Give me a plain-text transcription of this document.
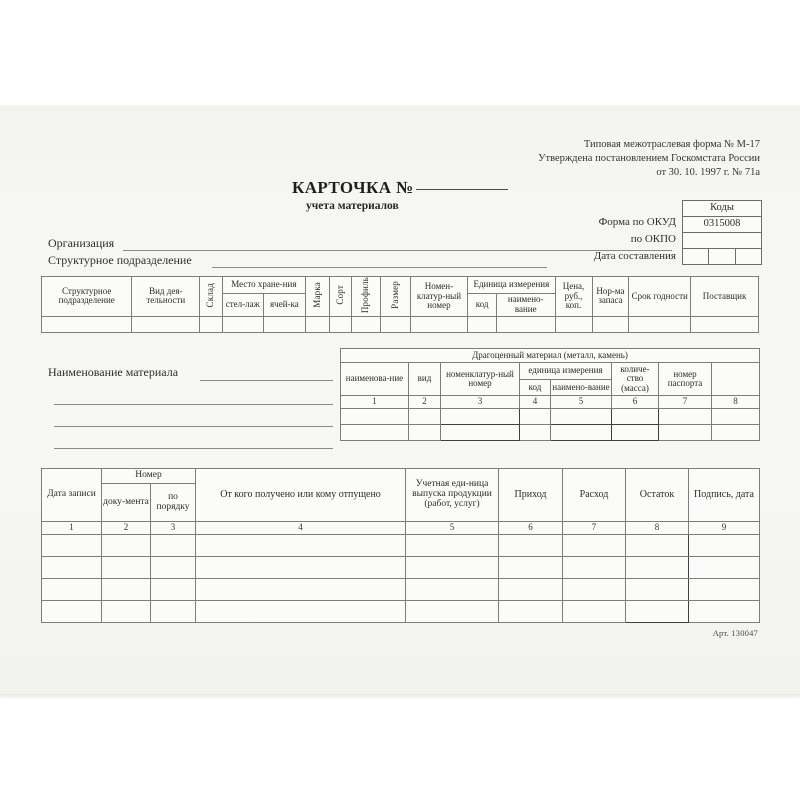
Типовая межотраслевая форма № М-17
Утверждена постановлением Госкомстата России
от 30. 10. 1997 г. № 71а
КАРТОЧКА №
учета материалов	Коды
0315008
Форма по ОКУД
по ОКПО
Дата составления
Организация
Структурное подразделение
Структурное подразделение	Вид дея-тельности	Склад	Место хране-ния		Марка	Сорт	Профиль	Размер	Номен-клатур-ный номер	Единица измерения		Цена, руб., коп.	Нор-ма запаса	Срок годности	Поставщик
			стел-лаж	ячей-ка						код	наимено-вание				

Наименование материала
Драгоценный материал (металл, камень)							
наименова-ние	вид	номенклатур-ный номер	единица измерения		количе-ство (масса)	номер паспорта	
			код	наимено-вание			

1	2	3	4	5	6	7	8

Дата записи	Номер		От кого получено или кому отпущено	Учетная еди-ница выпуска продукции (работ, услуг)	Приход	Расход	Остаток	Подпись, дата
	доку-мента	по порядку						
1	2	3	4	5	6	7	8	9

Арт. 130047
